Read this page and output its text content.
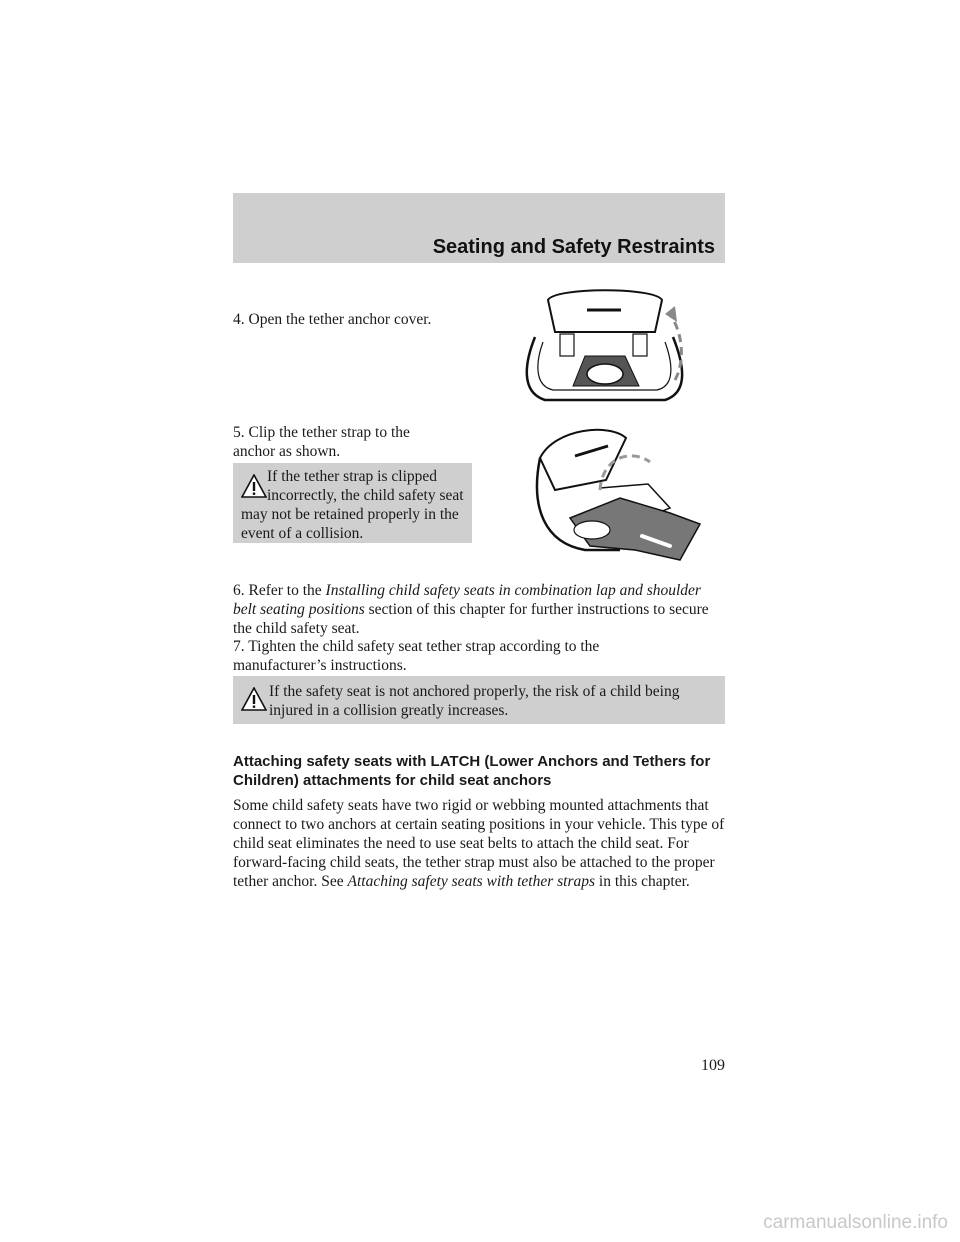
Seating and Safety Restraints

4. Open the tether anchor cover.

5. Clip the tether strap to the anchor as shown.

If the tether strap is clipped incorrectly, the child safety seat may not be retained properly in the event of a collision.

6. Refer to the Installing child safety seats in combination lap and shoulder belt seating positions section of this chapter for further instructions to secure the child safety seat.

7. Tighten the child safety seat tether strap according to the manufacturer’s instructions.

If the safety seat is not anchored properly, the risk of a child being injured in a collision greatly increases.

Attaching safety seats with LATCH (Lower Anchors and Tethers for Children) attachments for child seat anchors

Some child safety seats have two rigid or webbing mounted attachments that connect to two anchors at certain seating positions in your vehicle. This type of child seat eliminates the need to use seat belts to attach the child seat. For forward-facing child seats, the tether strap must also be attached to the proper tether anchor. See Attaching safety seats with tether straps in this chapter.

109
carmanualsonline.info
